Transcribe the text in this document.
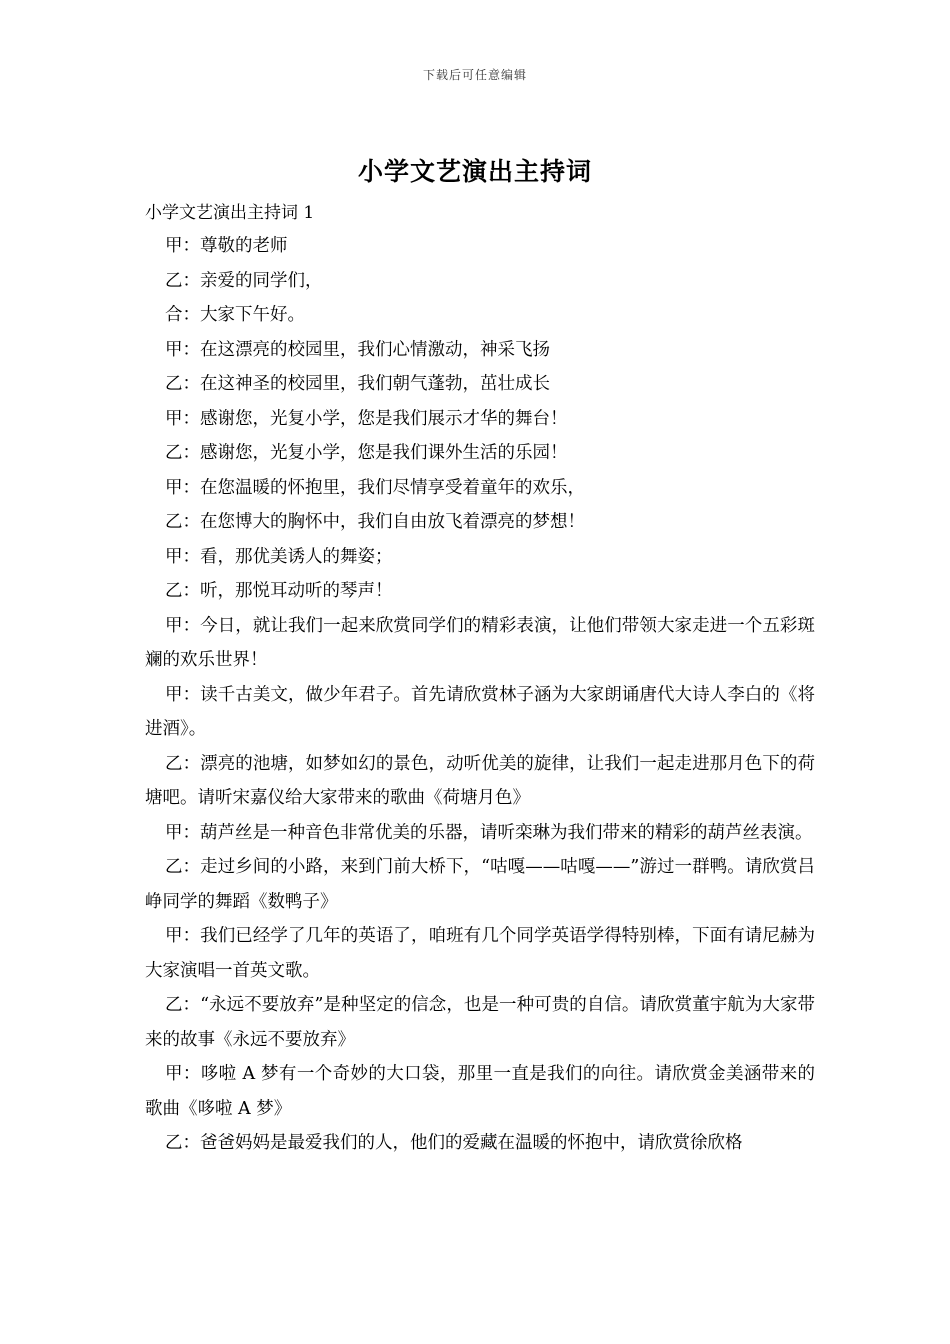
下载后可任意编辑
小学文艺演出主持词
小学文艺演出主持词 1

甲：尊敬的老师

乙：亲爱的同学们，

合：大家下午好。

甲：在这漂亮的校园里，我们心情激动，神采飞扬

乙：在这神圣的校园里，我们朝气蓬勃，茁壮成长

甲：感谢您，光复小学，您是我们展示才华的舞台！

乙：感谢您，光复小学，您是我们课外生活的乐园！

甲：在您温暖的怀抱里，我们尽情享受着童年的欢乐，

乙：在您博大的胸怀中，我们自由放飞着漂亮的梦想！

甲：看，那优美诱人的舞姿；

乙：听，那悦耳动听的琴声！

甲：今日，就让我们一起来欣赏同学们的精彩表演，让他们带领大家走进一个五彩斑斓的欢乐世界！

甲：读千古美文，做少年君子。首先请欣赏林子涵为大家朗诵唐代大诗人李白的《将进酒》。

乙：漂亮的池塘，如梦如幻的景色，动听优美的旋律，让我们一起走进那月色下的荷塘吧。请听宋嘉仪给大家带来的歌曲《荷塘月色》

甲：葫芦丝是一种音色非常优美的乐器，请听栾琳为我们带来的精彩的葫芦丝表演。

乙：走过乡间的小路，来到门前大桥下，“咕嘎——咕嘎——”游过一群鸭。请欣赏吕峥同学的舞蹈《数鸭子》

甲：我们已经学了几年的英语了，咱班有几个同学英语学得特别棒，下面有请尼赫为大家演唱一首英文歌。

乙：“永远不要放弃”是种坚定的信念，也是一种可贵的自信。请欣赏董宇航为大家带来的故事《永远不要放弃》

甲：哆啦 A 梦有一个奇妙的大口袋，那里一直是我们的向往。请欣赏金美涵带来的歌曲《哆啦 A 梦》

乙：爸爸妈妈是最爱我们的人，他们的爱藏在温暖的怀抱中，请欣赏徐欣格
